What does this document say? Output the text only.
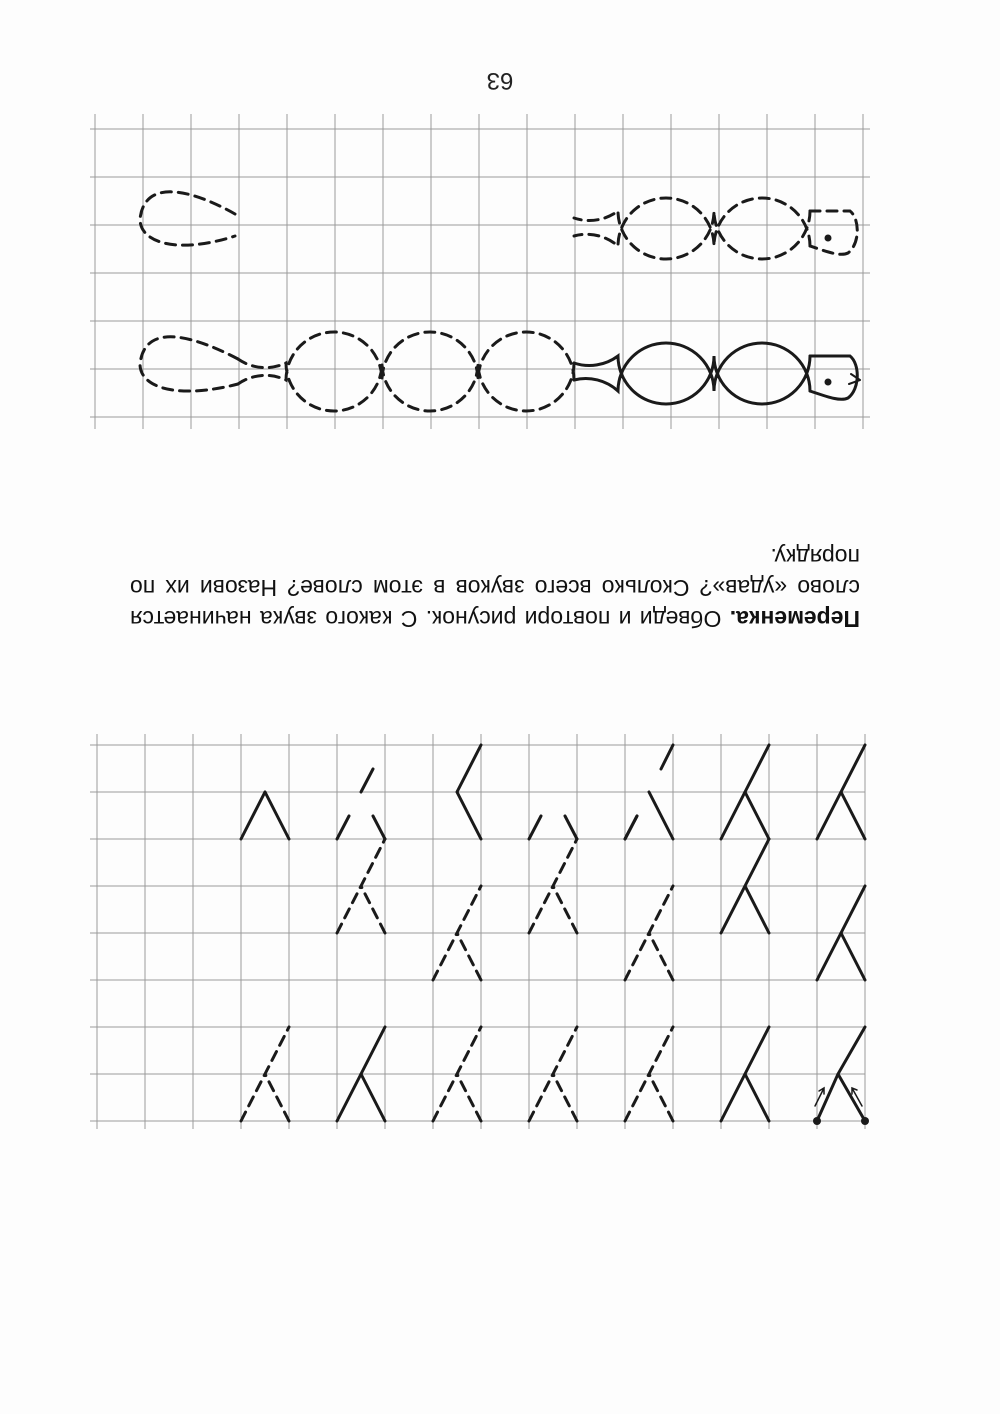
Переменка. Обведи и повтори рисунок. С какого звука начинается слово «удав»? Сколько всего звуков в этом слове? Назови их по порядку.

63
